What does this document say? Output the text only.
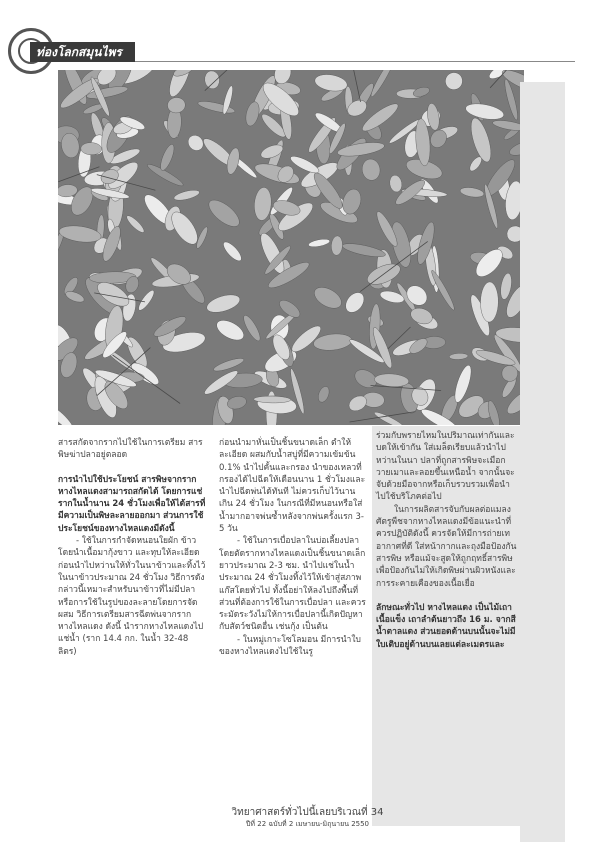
ท่องโลกสมุนไพร

สารสกัดจากรากไปใช้ในการเตรียม สารพิษฆ่าปลาอยู่ตลอด

การนำไปใช้ประโยชน์ สารพิษจากรากหางไหลแดงสามารถสกัดได้ โดยการแช่รากในน้ำนาน 24 ชั่วโมงเพื่อให้ได้สารที่มีความเป็นพิษละลายออกมา ส่วนการใช้ประโยชน์ของหางไหลแดงมีดังนี้

- ใช้ในการกำจัดหนอนใยผัก ข้าว โดยนำเนื้อมากุ้งขาว และทุบให้ละเอียดก่อนนำไปหว่านให้ทั่วในนาข้าวและทิ้งไว้ในนาข้าวประมาณ 24 ชั่วโมง วิธีการดังกล่าวนี้เหมาะสำหรับนาข้าวที่ไม่มีปลา หรือการใช้ในรูปของละลายโดยการจัดผสม วิธีการเตรียมสารฉีดพ่นจากรากหางไหลแดง ดังนี้ นำรากหางไหลแดงไปแช่น้ำ (ราก 14.4 กก. ในน้ำ 32-48 ลิตร)

ก่อนนำมาหั่นเป็นชิ้นขนาดเล็ก ตำให้ละเอียด ผสมกับน้ำสบู่ที่มีความเข้มข้น 0.1% นำไปคั้นและกรอง นำของเหลวที่กรองได้ไปฉีดให้เดือนนาน 1 ชั่วโมงและนำไปฉีดพ่นได้ทันที ไม่ควรเก็บไว้นานเกิน 24 ชั่วโมง ในกรณีที่มีหนอนหรือใส่น้ำมากอาจพ่นซ้ำหลังจากพ่นครั้งแรก 3-5 วัน

- ใช้ในการเบื่อปลาในบ่อเลี้ยงปลา โดยตัดรากหางไหลแดงเป็นชิ้นขนาดเล็ก ยาวประมาณ 2-3 ซม. นำไปแช่ในน้ำประมาณ 24 ชั่วโมงทิ้งไว้ให้เข้าสู่สภาพแก๊สโดยทั่วไป ทั้งนี้อย่าให้ลงไปถึงพื้นที่ส่วนที่ต้องการใช้ในการเบื่อปลา และควรระมัดระวังไม่ให้การเบื่อปลานี้เกิดปัญหากับสัตว์ชนิดอื่น เช่นกุ้ง เป็นต้น

- ในหมู่เกาะโซโลมอน มีการนำใบของหางไหลแดงไปใช้ในรู

ร่วมกับพรายไหมในปริมาณเท่ากันและบดให้เข้ากัน ใส่เมล็ดเรียบแล้วนำไปหว่านในนา ปลาที่ถูกสารพิษจะเมือกวายเมาและลอยขึ้นเหนือน้ำ จากนั้นจะจับด้วยมือจากหรือเก็บรวบรวมเพื่อนำไปใช้บริโภคต่อไป

ในการผลิตสารจับกับผลต่อแมลงศัตรูพืชจากหางไหลแดงมีข้อแนะนำที่ควรปฏิบัติดังนี้ ควรจัดให้มีการถ่ายเทอากาศที่ดี ใส่หน้ากากและถุงมือป้องกันสารพิษ หรือแม้จะสูดให้ถูกฤทธิ์สารพิษ เพื่อป้องกันไม่ให้เกิดพิษผ่านผิวหนังและการระคายเคืองของเนื้อเยื่อ

ลักษณะทั่วไป หางไหลแดง เป็นไม้เถาเนื้อแข็ง เถาลำต้นยาวถึง 16 ม. จากสีน้ำตาลแดง ส่วนยอดด้านบนนั้นจะไม่มีใบเติบอยู่ด้านบนเลยแต่ละเมตรและ

วิทยาศาสตร์ทั่วไปนี้เลยบริเวณที่ 34
ปีที่ 22 ฉบับที่ 2 เมษายน-มิถุนายน 2550
